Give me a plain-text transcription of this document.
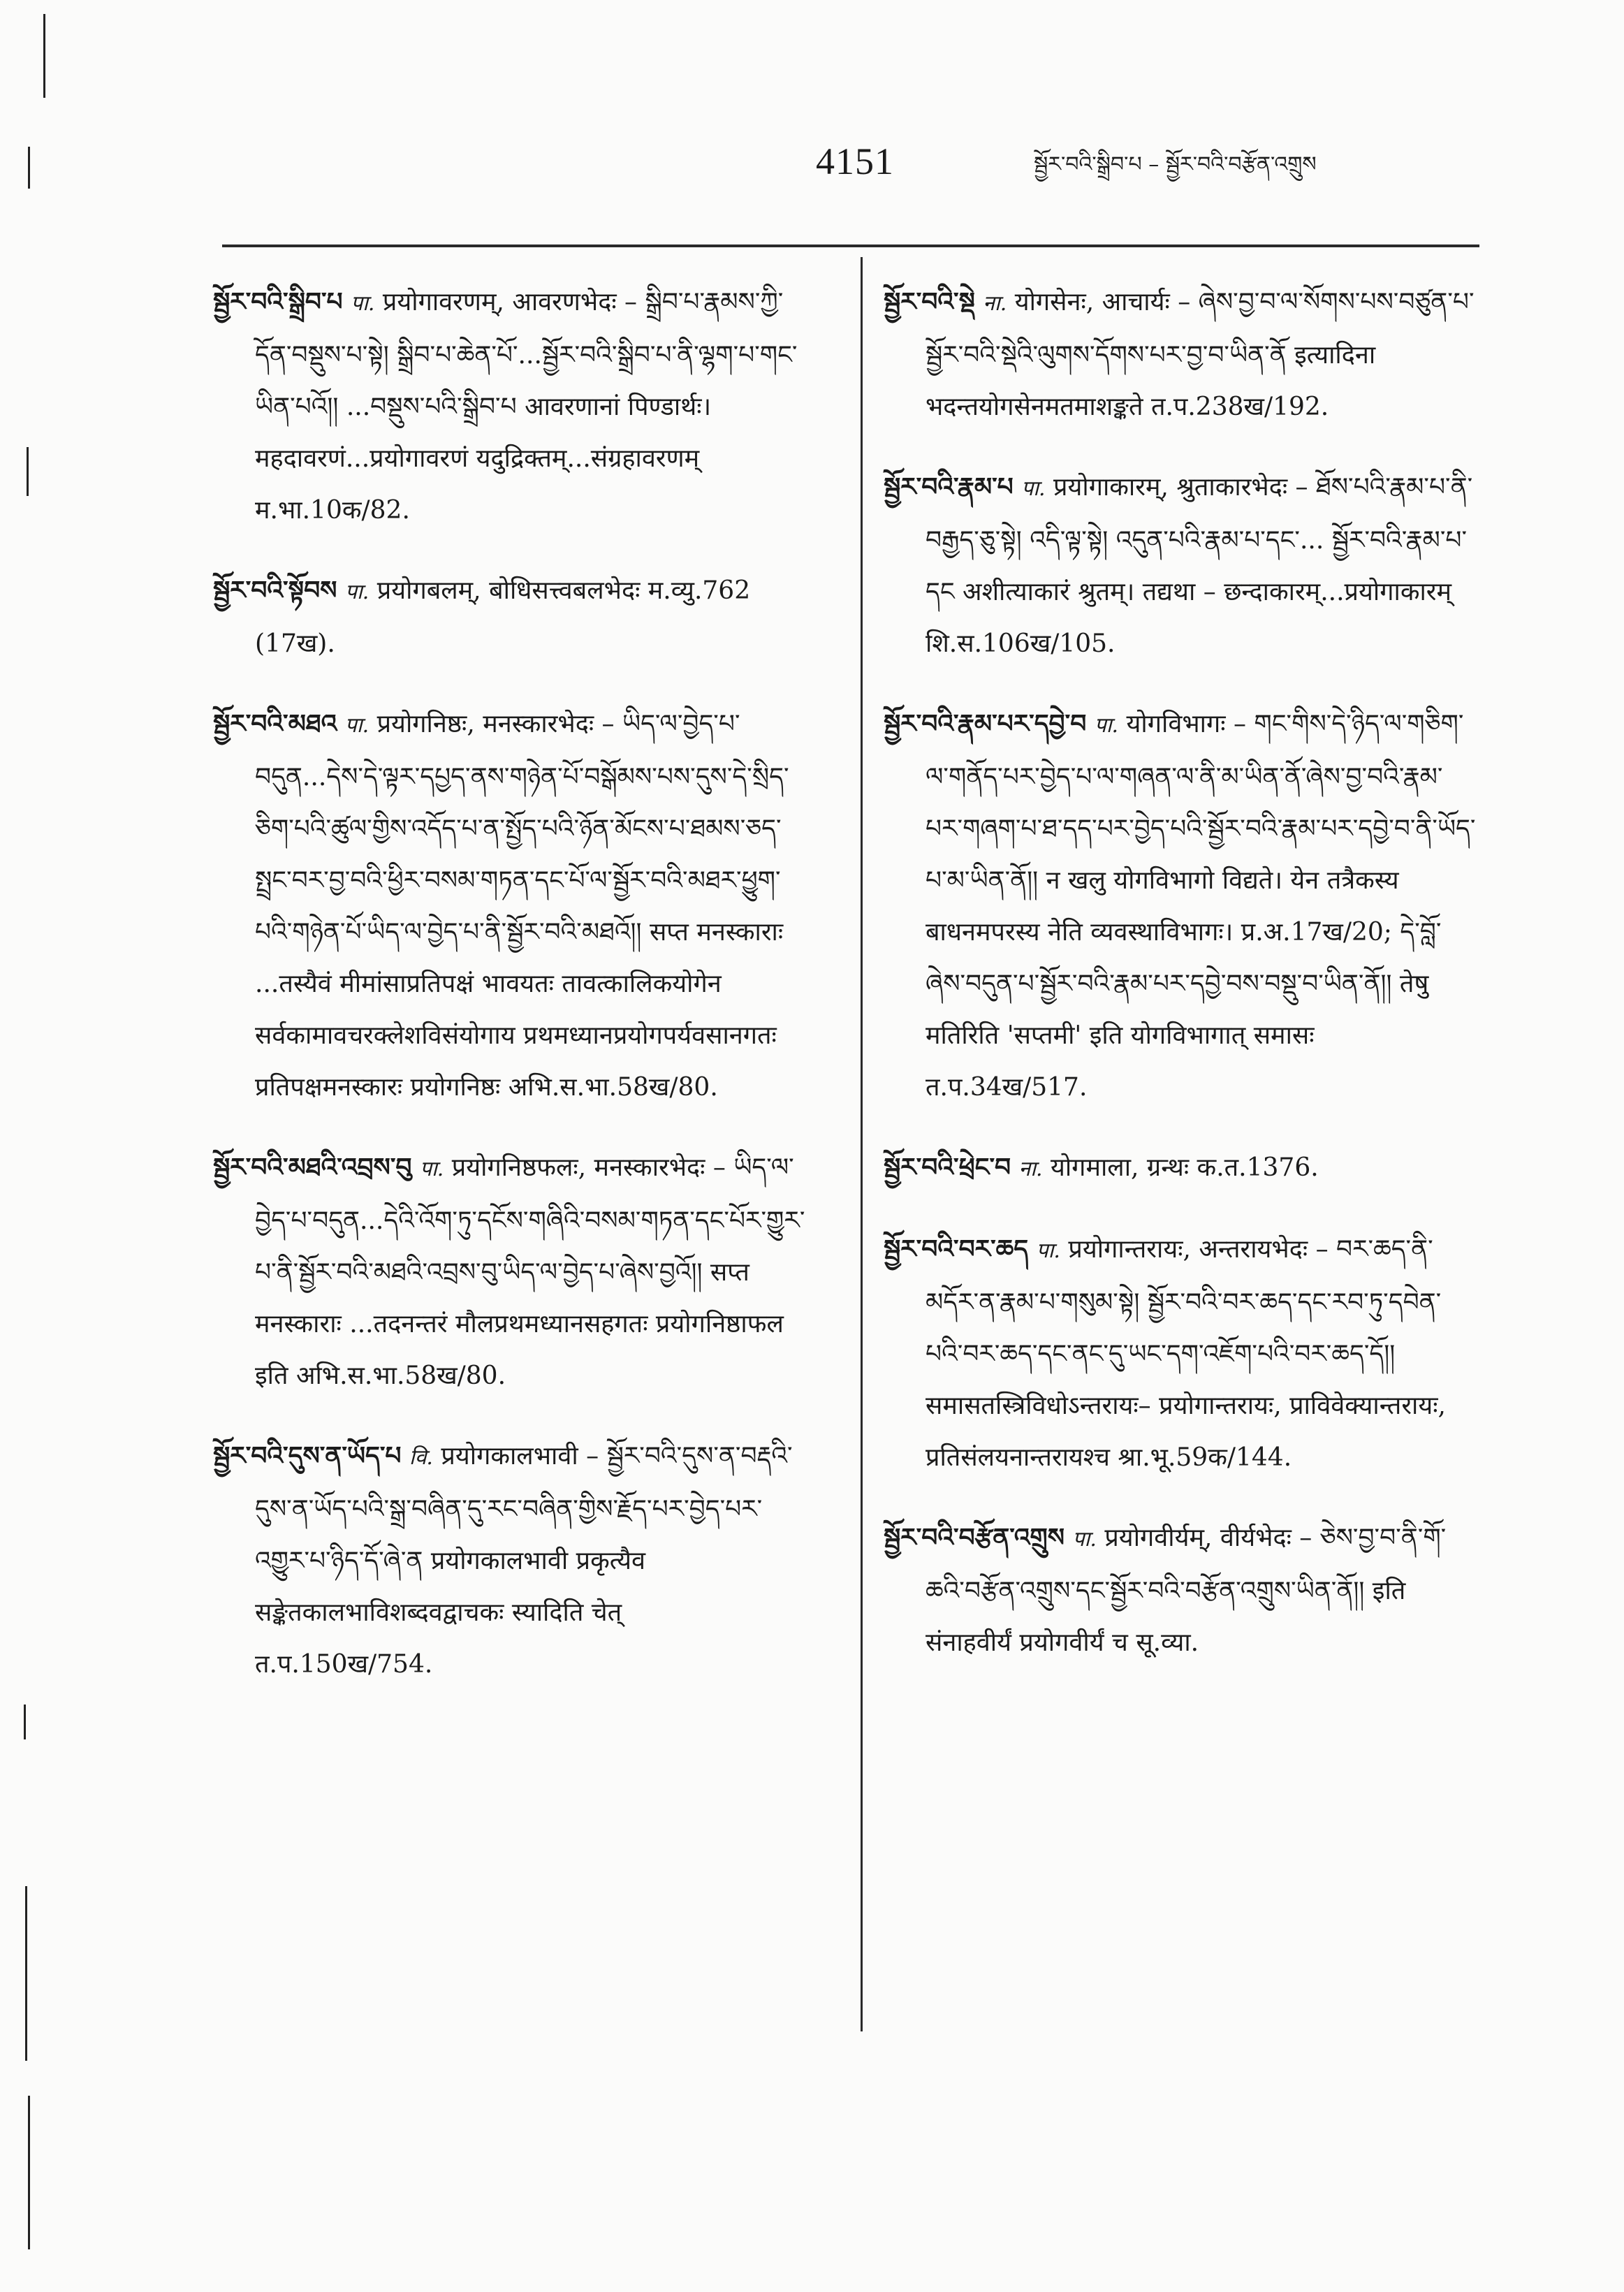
4151	སྦྱོར་བའི་སྒྲིབ་པ – སྦྱོར་བའི་བརྩོན་འགྲུས

སྦྱོར་བའི་སྒྲིབ་པ पा. प्रयोगावरणम्, आवरणभेदः – སྒྲིབ་པ་རྣམས་ཀྱི་དོན་བསྡུས་པ་སྟེ། སྒྲིབ་པ་ཆེན་པོ་...སྦྱོར་བའི་སྒྲིབ་པ་ནི་ལྷག་པ་གང་ཡིན་པའོ།། ...བསྡུས་པའི་སྒྲིབ་པ आवरणानां पिण्डार्थः। महदावरणं...प्रयोगावरणं यदुद्रिक्तम्...संग्रहावरणम् म.भा.10क/82.

སྦྱོར་བའི་སྟོབས पा. प्रयोगबलम्, बोधिसत्त्वबलभेदः म.व्यु.762 (17ख).

སྦྱོར་བའི་མཐའ पा. प्रयोगनिष्ठः, मनस्कारभेदः – ཡིད་ལ་བྱེད་པ་བདུན...དེས་དེ་ལྟར་དཔྱད་ནས་གཉེན་པོ་བསྒོམས་པས་དུས་དེ་སྲིད་ཅིག་པའི་ཚུལ་གྱིས་འདོད་པ་ན་སྤྱོད་པའི་ཉོན་མོངས་པ་ཐམས་ཅད་སྤྲང་བར་བྱ་བའི་ཕྱིར་བསམ་གཏན་དང་པོ་ལ་སྦྱོར་བའི་མཐར་ཕྱུག་པའི་གཉེན་པོ་ཡིད་ལ་བྱེད་པ་ནི་སྦྱོར་བའི་མཐའོ།། सप्त मनस्काराः ...तस्यैवं मीमांसाप्रतिपक्षं भावयतः तावत्कालिकयोगेन सर्वकामावचरक्लेशविसंयोगाय प्रथमध्यानप्रयोगपर्यवसानगतः प्रतिपक्षमनस्कारः प्रयोगनिष्ठः अभि.स.भा.58ख/80.

སྦྱོར་བའི་མཐའི་འབྲས་བུ पा. प्रयोगनिष्ठफलः, मनस्कारभेदः – ཡིད་ལ་བྱེད་པ་བདུན...དེའི་འོག་ཏུ་དངོས་གཞིའི་བསམ་གཏན་དང་པོར་གྱུར་པ་ནི་སྦྱོར་བའི་མཐའི་འབྲས་བུ་ཡིད་ལ་བྱེད་པ་ཞེས་བྱའོ།། सप्त मनस्काराः ...तदनन्तरं मौलप्रथमध्यानसहगतः प्रयोगनिष्ठाफल इति अभि.स.भा.58ख/80.

སྦྱོར་བའི་དུས་ན་ཡོད་པ वि. प्रयोगकालभावी – སྦྱོར་བའི་དུས་ན་བརྡའི་དུས་ན་ཡོད་པའི་སྒྲ་བཞིན་དུ་རང་བཞིན་གྱིས་རྗོད་པར་བྱེད་པར་འགྱུར་པ་ཉིད་དོ་ཞེ་ན प्रयोगकालभावी प्रकृत्यैव सङ्केतकालभाविशब्दवद्वाचकः स्यादिति चेत् त.प.150ख/754.

སྦྱོར་བའི་སྡེ ना. योगसेनः, आचार्यः – ཞེས་བྱ་བ་ལ་སོགས་པས་བཙུན་པ་སྦྱོར་བའི་སྡེའི་ལུགས་དོགས་པར་བྱ་བ་ཡིན་ནོ इत्यादिना भदन्तयोगसेनमतमाशङ्कते त.प.238ख/192.

སྦྱོར་བའི་རྣམ་པ पा. प्रयोगाकारम्, श्रुताकारभेदः – ཐོས་པའི་རྣམ་པ་ནི་བརྒྱད་ཅུ་སྟེ། འདི་ལྟ་སྟེ། འདུན་པའི་རྣམ་པ་དང་... སྦྱོར་བའི་རྣམ་པ་དང अशीत्याकारं श्रुतम्। तद्यथा – छन्दाकारम्...प्रयोगाकारम् शि.स.106ख/105.

སྦྱོར་བའི་རྣམ་པར་དབྱེ་བ पा. योगविभागः – གང་གིས་དེ་ཉིད་ལ་གཅིག་ལ་གནོད་པར་བྱེད་པ་ལ་གཞན་ལ་ནི་མ་ཡིན་ནོ་ཞེས་བྱ་བའི་རྣམ་པར་གཞག་པ་ཐ་དད་པར་བྱེད་པའི་སྦྱོར་བའི་རྣམ་པར་དབྱེ་བ་ནི་ཡོད་པ་མ་ཡིན་ནོ།། न खलु योगविभागो विद्यते। येन तत्रैकस्य बाधनमपरस्य नेति व्यवस्थाविभागः। प्र.अ.17ख/20; དེ་བློ་ཞེས་བདུན་པ་སྦྱོར་བའི་རྣམ་པར་དབྱེ་བས་བསྡུ་བ་ཡིན་ནོ།། तेषु मतिरिति 'सप्तमी' इति योगविभागात् समासः त.प.34ख/517.

སྦྱོར་བའི་ཕྲེང་བ ना. योगमाला, ग्रन्थः क.त.1376.

སྦྱོར་བའི་བར་ཆད पा. प्रयोगान्तरायः, अन्तरायभेदः – བར་ཆད་ནི་མདོར་ན་རྣམ་པ་གསུམ་སྟེ། སྦྱོར་བའི་བར་ཆད་དང་རབ་ཏུ་དབེན་པའི་བར་ཆད་དང་ནང་དུ་ཡང་དག་འཇོག་པའི་བར་ཆད་དོ།། समासतस्त्रिविधोऽन्तरायः– प्रयोगान्तरायः, प्राविवेक्यान्तरायः, प्रतिसंलयनान्तरायश्च श्रा.भू.59क/144.

སྦྱོར་བའི་བརྩོན་འགྲུས पा. प्रयोगवीर्यम्, वीर्यभेदः – ཅེས་བྱ་བ་ནི་གོ་ཆའི་བརྩོན་འགྲུས་དང་སྦྱོར་བའི་བརྩོན་འགྲུས་ཡིན་ནོ།། इति संनाहवीर्यं प्रयोगवीर्यं च सू.व्या.
